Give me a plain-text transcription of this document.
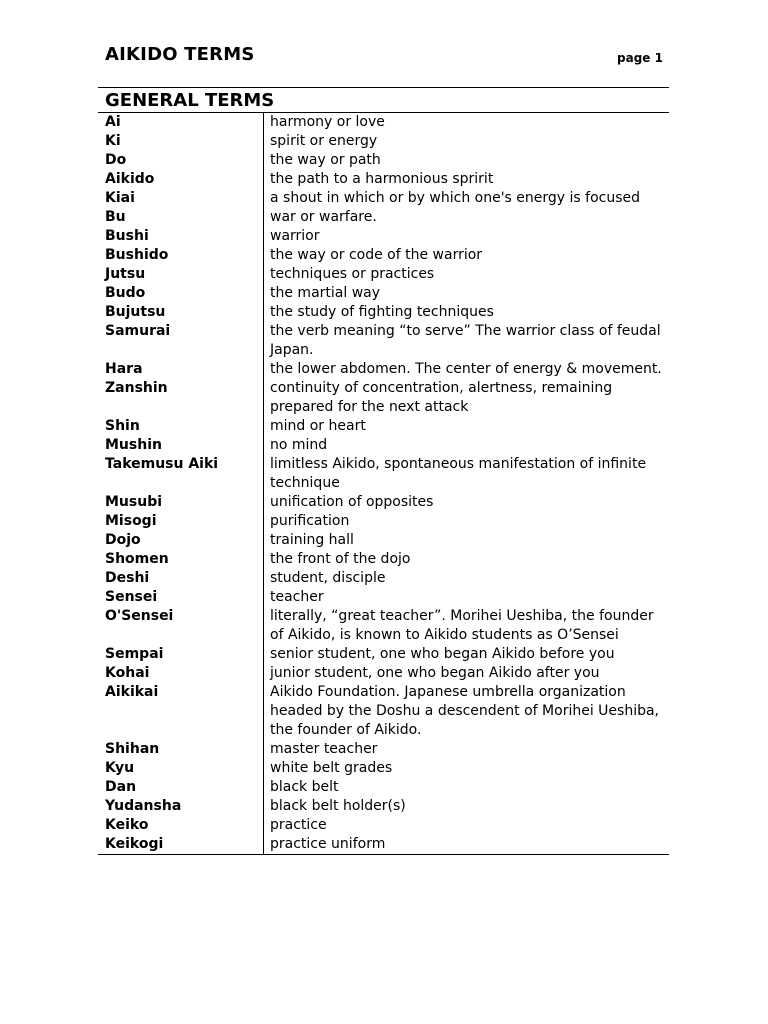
AIKIDO TERMS	page 1
GENERAL TERMS	
Ai	harmony or love
Ki	spirit or energy
Do	the way or path
Aikido	the path to a harmonious spririt
Kiai	a shout in which or by which one's energy is focused
Bu	war or warfare.
Bushi	warrior
Bushido	the way or code of the warrior
Jutsu	techniques or practices
Budo	the martial way
Bujutsu	the study of fighting techniques
Samurai	the verb meaning “to serve” The warrior class of feudal Japan.
Hara	the lower abdomen. The center of energy & movement.
Zanshin	continuity of concentration, alertness, remaining prepared for the next attack
Shin	mind or heart
Mushin	no mind
Takemusu Aiki	limitless Aikido, spontaneous manifestation of infinite technique
Musubi	unification of opposites
Misogi	purification
Dojo	training hall
Shomen	the front of the dojo
Deshi	student, disciple
Sensei	teacher
O'Sensei	literally, “great teacher”. Morihei Ueshiba, the founder of Aikido, is known to Aikido students as O’Sensei
Sempai	senior student, one who began Aikido before you
Kohai	junior student, one who began Aikido after you
Aikikai	Aikido Foundation. Japanese umbrella organization headed by the Doshu a descendent of Morihei Ueshiba, the founder of Aikido.
Shihan	master teacher
Kyu	white belt grades
Dan	black belt
Yudansha	black belt holder(s)
Keiko	practice
Keikogi	practice uniform
